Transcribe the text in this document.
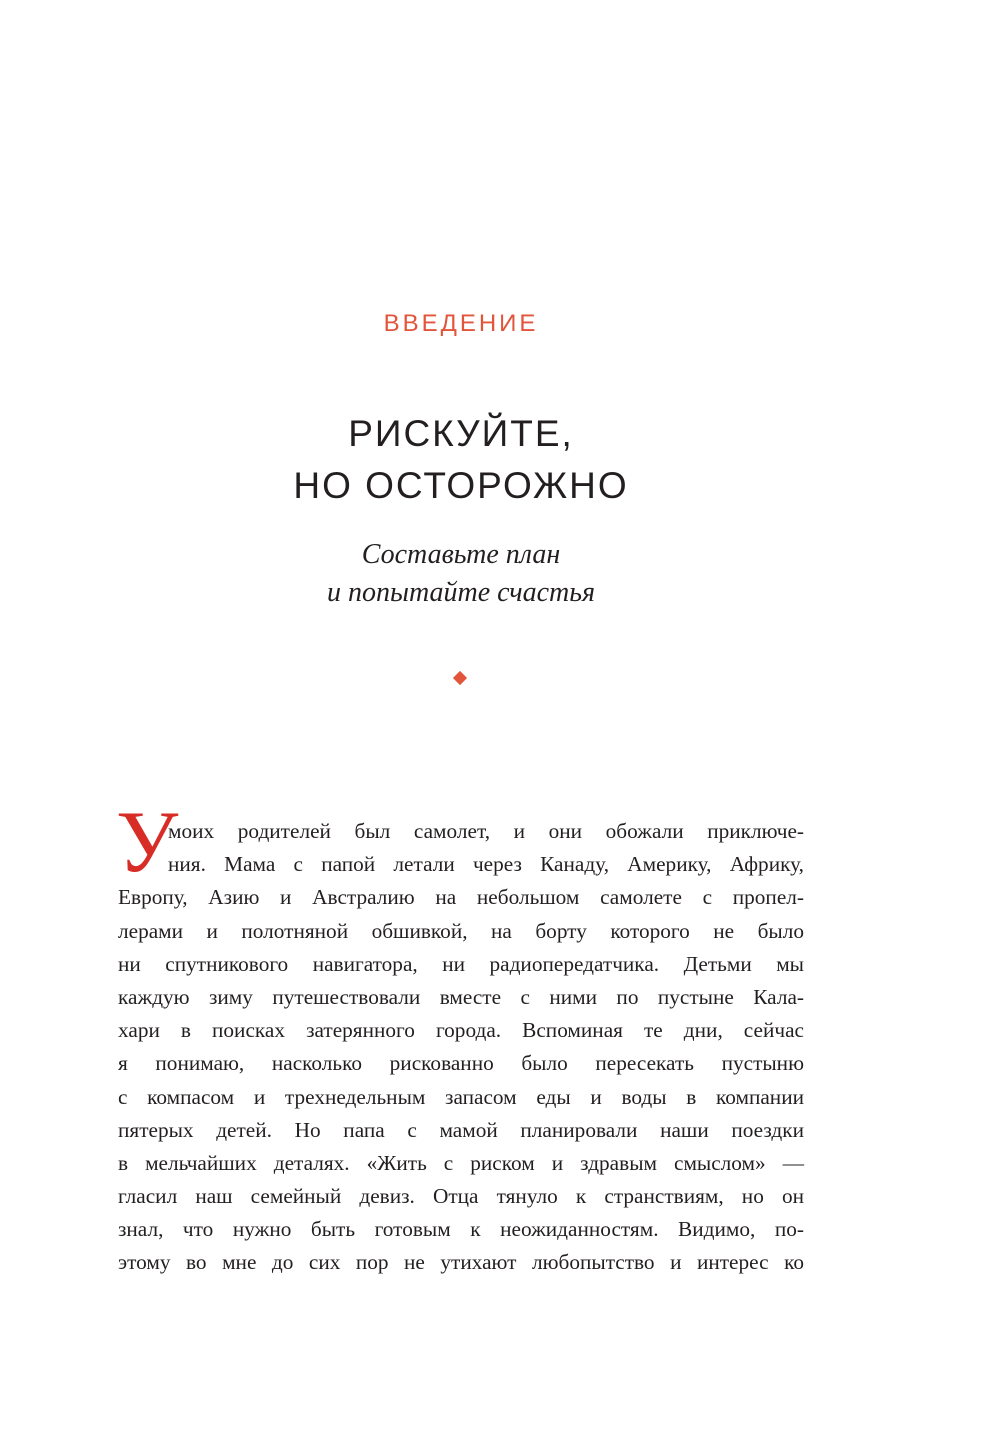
ВВЕДЕНИЕ
РИСКУЙТЕ,
НО ОСТОРОЖНО

Составьте план
и попытайте счастья

У

моих родителей был самолет, и они обожали приключе-
ния. Мама с папой летали через Канаду, Америку, Африку,
Европу, Азию и Австралию на небольшом самолете с пропел-
лерами и полотняной обшивкой, на борту которого не было
ни спутникового навигатора, ни радиопередатчика. Детьми мы
каждую зиму путешествовали вместе с ними по пустыне Кала-
хари в поисках затерянного города. Вспоминая те дни, сейчас
я понимаю, насколько рискованно было пересекать пустыню
с компасом и трехнедельным запасом еды и воды в компании
пятерых детей. Но папа с мамой планировали наши поездки
в мельчайших деталях. «Жить с риском и здравым смыслом» —
гласил наш семейный девиз. Отца тянуло к странствиям, но он
знал, что нужно быть готовым к неожиданностям. Видимо, по-
этому во мне до сих пор не утихают любопытство и интерес ко
